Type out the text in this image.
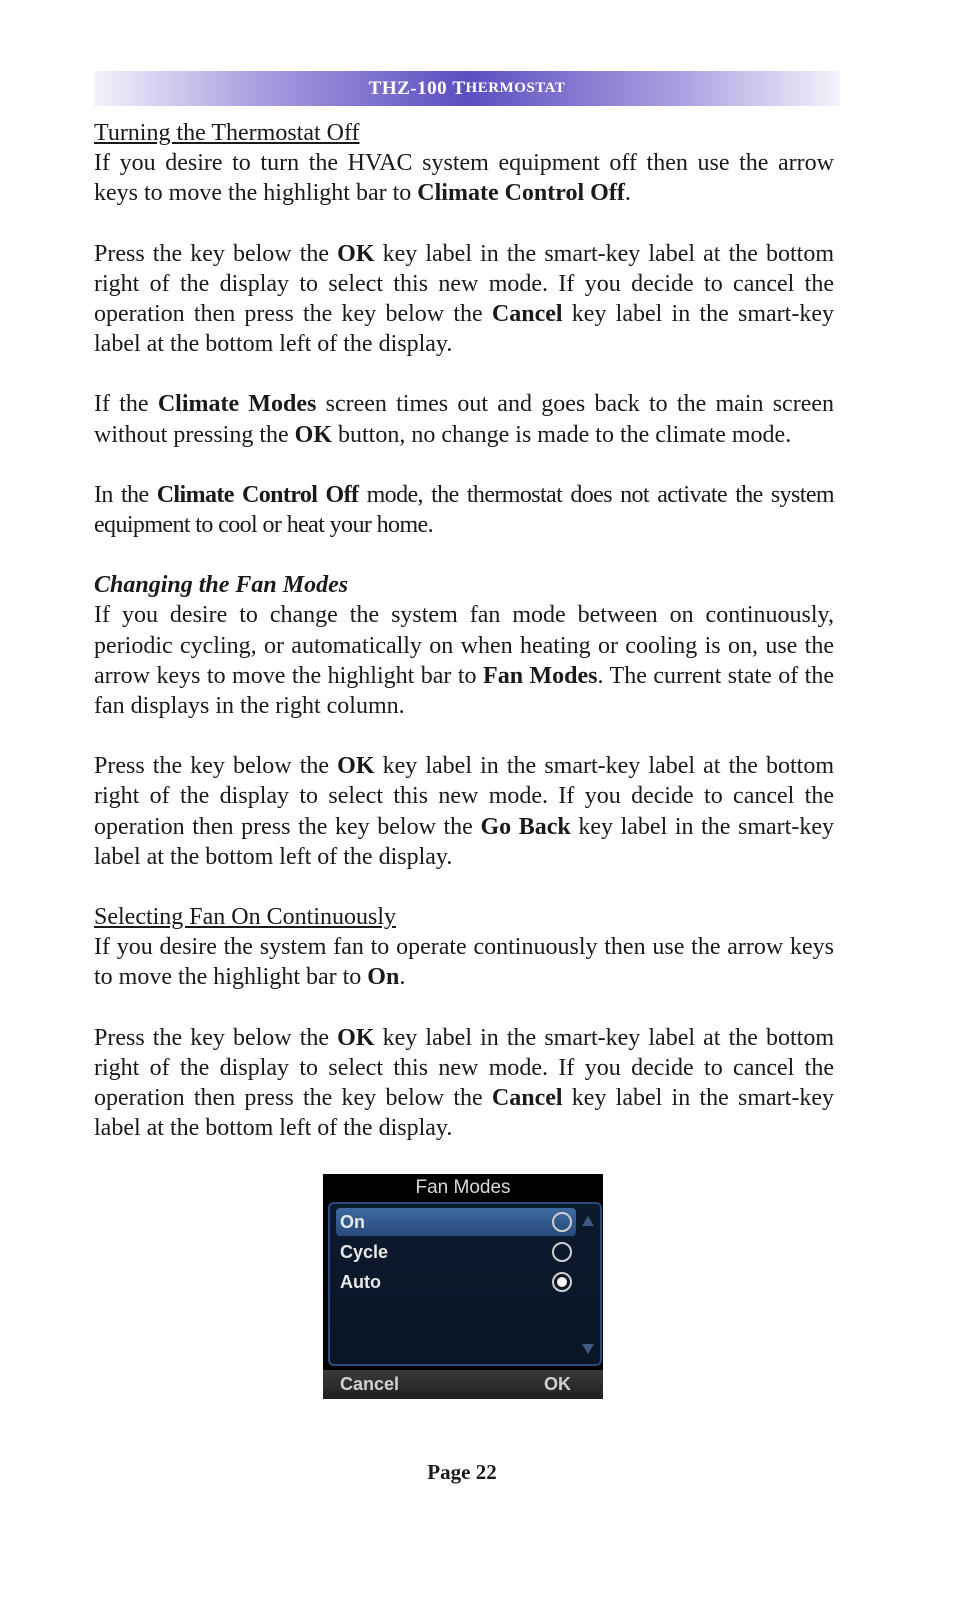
THZ-100
T HERMOSTAT

Turning the Thermostat Off

If you desire to turn the HVAC system equipment off then use the arrow keys to move the highlight bar to Climate Control Off.

Press the key below the OK key label in the smart-key label at the bottom right of the display to select this new mode. If you decide to cancel the operation then press the key below the Cancel key label in the smart-key label at the bottom left of the display.

If the Climate Modes screen times out and goes back to the main screen without pressing the OK button, no change is made to the climate mode.

In the Climate Control Off mode, the thermostat does not activate the system equipment to cool or heat your home.

Changing the Fan Modes

If you desire to change the system fan mode between on continuously, periodic cycling, or automatically on when heating or cooling is on, use the arrow keys to move the highlight bar to Fan Modes. The current state of the fan displays in the right column.

Press the key below the OK key label in the smart-key label at the bottom right of the display to select this new mode. If you decide to cancel the operation then press the key below the Go Back key label in the smart-key label at the bottom left of the display.

Selecting Fan On Continuously

If you desire the system fan to operate continuously then use the arrow keys to move the highlight bar to On.

Press the key below the OK key label in the smart-key label at the bottom right of the display to select this new mode. If you decide to cancel the operation then press the key below the Cancel key label in the smart-key label at the bottom left of the display.

Fan Modes
On
Cycle
Auto
Cancel	OK
Page 22
